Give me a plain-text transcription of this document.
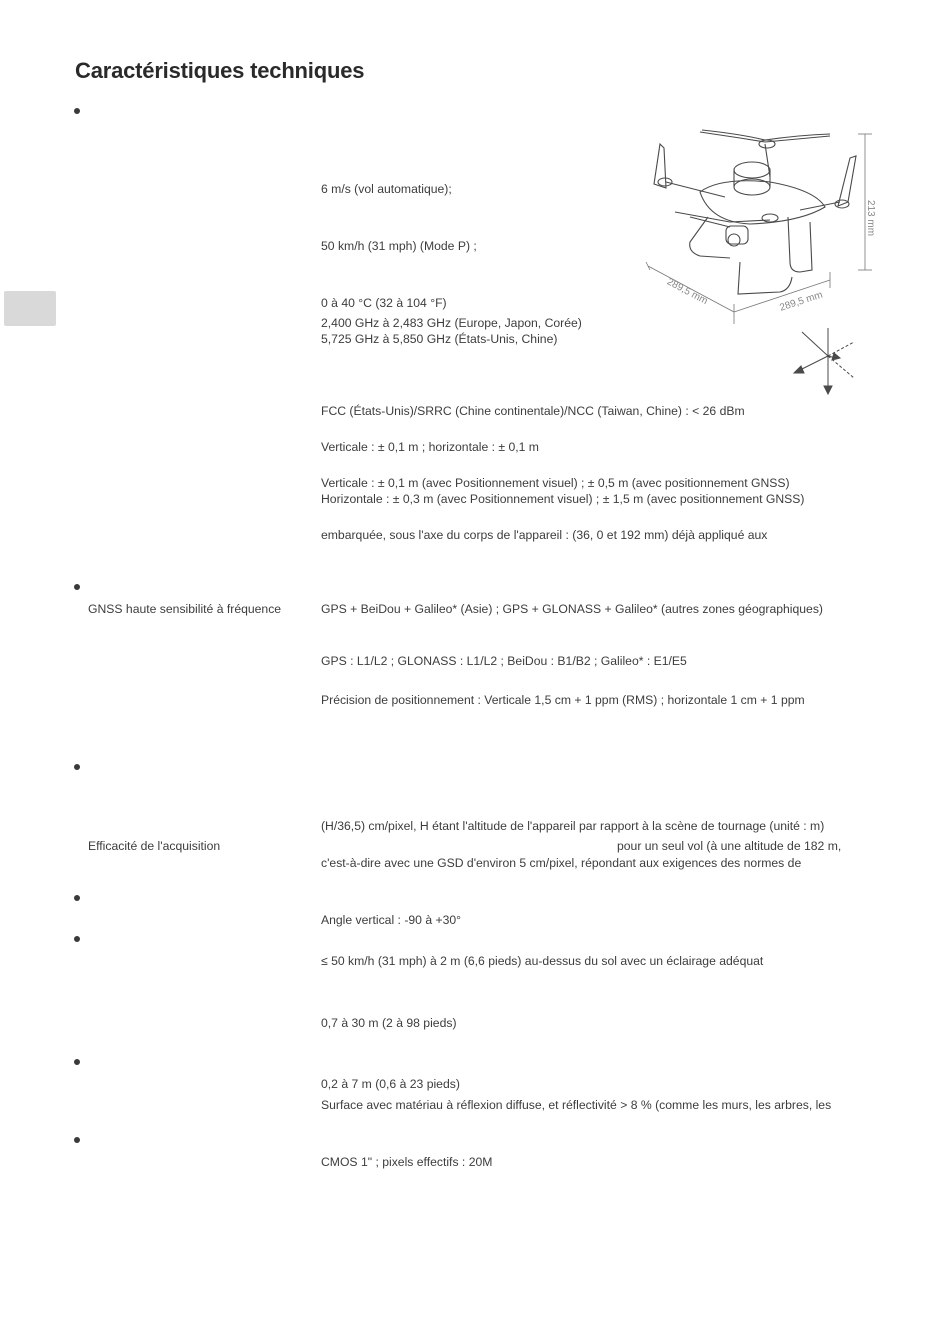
Caractéristiques techniques
GNSS haute sensibilité à fréquence
Efficacité de l'acquisition
6 m/s (vol automatique);
50 km/h (31 mph) (Mode P) ;
0 à 40 °C (32 à 104 °F)
2,400 GHz à 2,483 GHz (Europe, Japon, Corée)
5,725 GHz à 5,850 GHz (États-Unis, Chine)
FCC (États-Unis)/SRRC (Chine continentale)/NCC (Taiwan, Chine) : < 26 dBm
Verticale : ± 0,1 m ; horizontale : ± 0,1 m
Verticale : ± 0,1 m (avec Positionnement visuel) ; ± 0,5 m (avec positionnement GNSS)
Horizontale : ± 0,3 m (avec Positionnement visuel) ; ± 1,5 m (avec positionnement GNSS)
embarquée, sous l'axe du corps de l'appareil : (36, 0 et 192 mm) déjà appliqué aux
GPS + BeiDou + Galileo* (Asie) ; GPS + GLONASS + Galileo* (autres zones géographiques)
GPS : L1/L2 ; GLONASS : L1/L2 ; BeiDou : B1/B2 ; Galileo* : E1/E5
Précision de positionnement : Verticale 1,5 cm + 1 ppm (RMS) ; horizontale 1 cm + 1 ppm
(H/36,5) cm/pixel, H étant l'altitude de l'appareil par rapport à la scène de tournage (unité : m)
pour un seul vol (à une altitude de 182 m,
c'est-à-dire avec une GSD d'environ 5 cm/pixel, répondant aux exigences des normes de
Angle vertical : -90 à +30°
≤ 50 km/h (31 mph) à 2 m (6,6 pieds) au-dessus du sol avec un éclairage adéquat
0,7 à 30 m (2 à 98 pieds)
0,2 à 7 m (0,6 à 23 pieds)
Surface avec matériau à réflexion diffuse, et réflectivité > 8 % (comme les murs, les arbres, les
CMOS 1" ; pixels effectifs : 20M
213 mm
289,5 mm	289,5 mm
